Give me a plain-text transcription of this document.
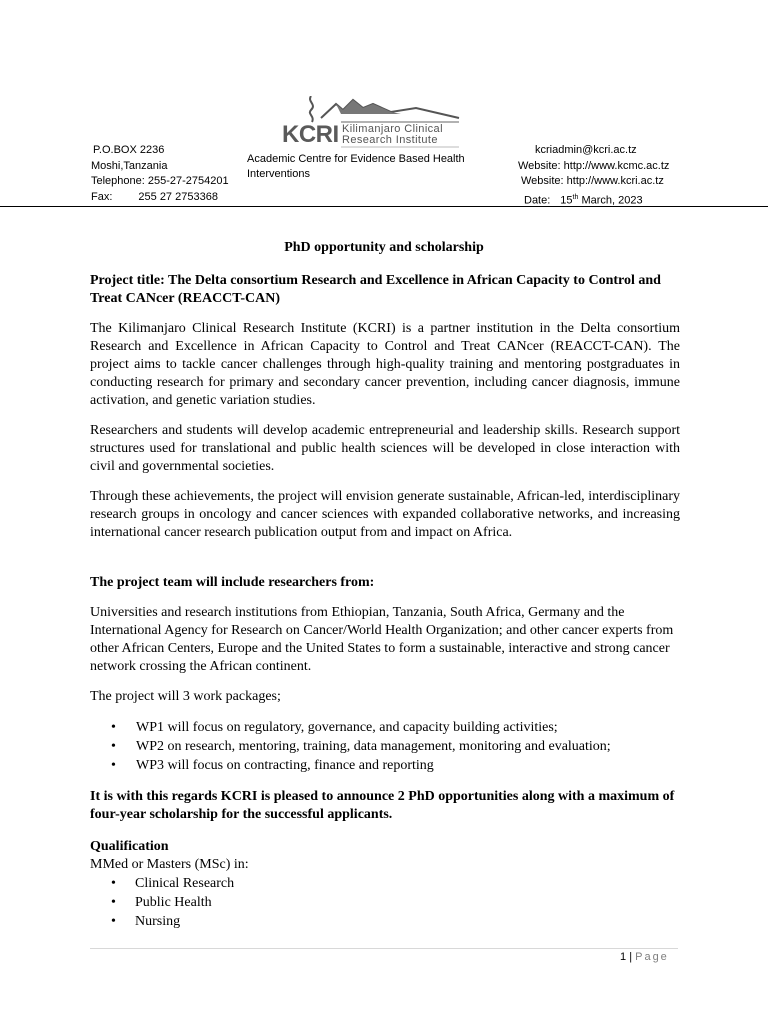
KCRI Kilimanjaro Clinical
Research Institute
P.O.BOX 2236
Moshi,Tanzania
Telephone: 255-27-2754201
Fax: 255 27 2753368
Academic Centre for Evidence Based Health Interventions
kcriadmin@kcri.ac.tz
Website: http://www.kcmc.ac.tz
Website: http://www.kcri.ac.tz
Date: 15th March, 2023
PhD opportunity and scholarship

Project title: The Delta consortium Research and Excellence in African Capacity to Control and Treat CANcer (REACCT-CAN)

The Kilimanjaro Clinical Research Institute (KCRI) is a partner institution in the Delta consortium Research and Excellence in African Capacity to Control and Treat CANcer (REACCT-CAN). The project aims to tackle cancer challenges through high-quality training and mentoring postgraduates in conducting research for primary and secondary cancer prevention, including cancer diagnosis, immune activation, and genetic variation studies.

Researchers and students will develop academic entrepreneurial and leadership skills. Research support structures used for translational and public health sciences will be developed in close interaction with civil and governmental societies.

Through these achievements, the project will envision generate sustainable, African-led, interdisciplinary research groups in oncology and cancer sciences with expanded collaborative networks, and increasing international cancer research publication output from and impact on Africa.

The project team will include researchers from:

Universities and research institutions from Ethiopian, Tanzania, South Africa, Germany and the International Agency for Research on Cancer/World Health Organization; and other cancer experts from other African Centers, Europe and the United States to form a sustainable, interactive and strong cancer network crossing the African continent.

The project will 3 work packages;

• WP1 will focus on regulatory, governance, and capacity building activities;
• WP2 on research, mentoring, training, data management, monitoring and evaluation;
• WP3 will focus on contracting, finance and reporting

It is with this regards KCRI is pleased to announce 2 PhD opportunities along with a maximum of four-year scholarship for the successful applicants.

Qualification

MMed or Masters (MSc) in:

• Clinical Research
• Public Health
• Nursing
1 | Page
